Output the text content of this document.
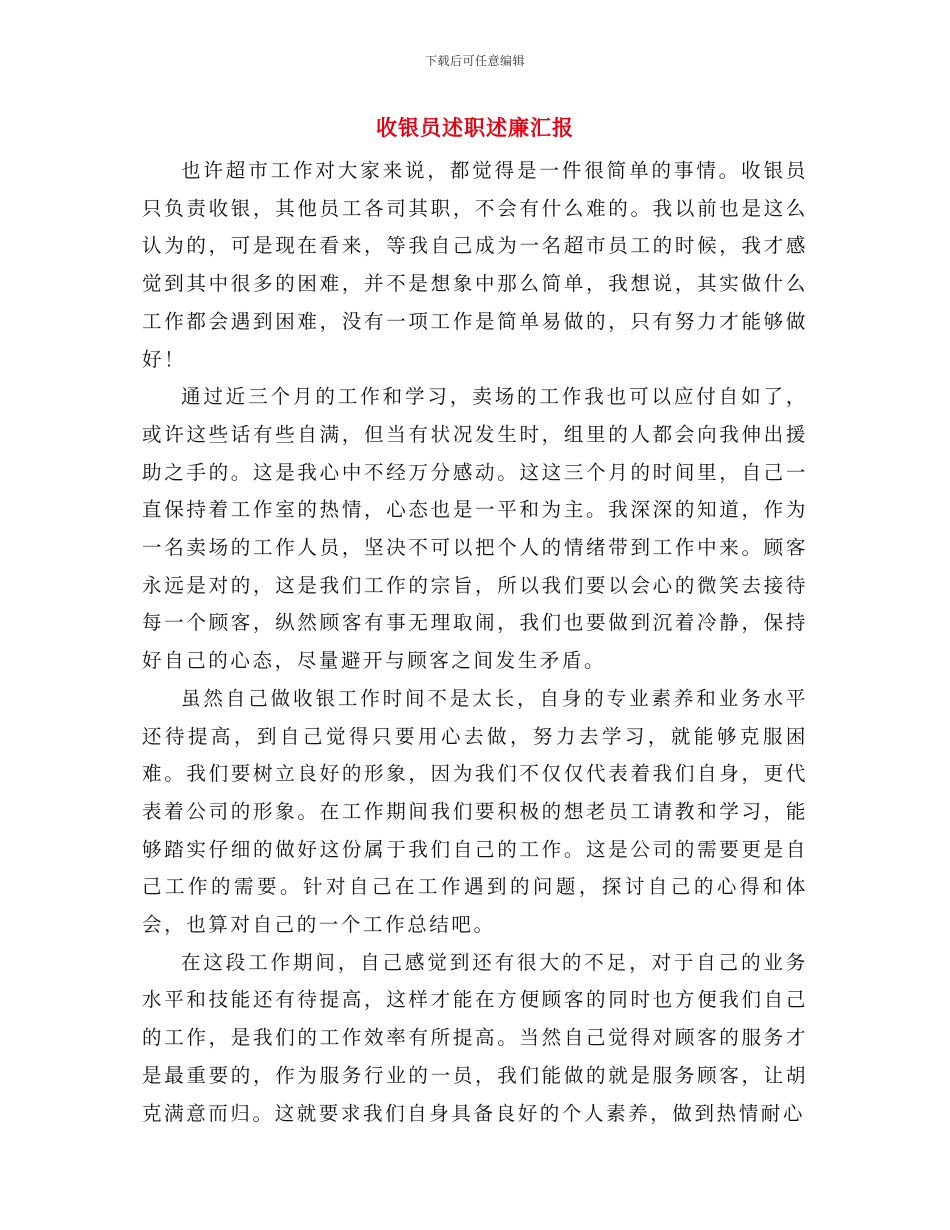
下载后可任意编辑
收银员述职述廉汇报

也许超市工作对大家来说，都觉得是一件很简单的事情。收银员只负责收银，其他员工各司其职，不会有什么难的。我以前也是这么认为的，可是现在看来，等我自己成为一名超市员工的时候，我才感觉到其中很多的困难，并不是想象中那么简单，我想说，其实做什么工作都会遇到困难，没有一项工作是简单易做的，只有努力才能够做好！

通过近三个月的工作和学习，卖场的工作我也可以应付自如了，或许这些话有些自满，但当有状况发生时，组里的人都会向我伸出援助之手的。这是我心中不经万分感动。这这三个月的时间里，自己一直保持着工作室的热情，心态也是一平和为主。我深深的知道，作为一名卖场的工作人员，坚决不可以把个人的情绪带到工作中来。顾客永远是对的，这是我们工作的宗旨，所以我们要以会心的微笑去接待每一个顾客，纵然顾客有事无理取闹，我们也要做到沉着冷静，保持好自己的心态，尽量避开与顾客之间发生矛盾。

虽然自己做收银工作时间不是太长，自身的专业素养和业务水平还待提高，到自己觉得只要用心去做，努力去学习，就能够克服困难。我们要树立良好的形象，因为我们不仅仅代表着我们自身，更代表着公司的形象。在工作期间我们要积极的想老员工请教和学习，能够踏实仔细的做好这份属于我们自己的工作。这是公司的需要更是自己工作的需要。针对自己在工作遇到的问题，探讨自己的心得和体会，也算对自己的一个工作总结吧。

在这段工作期间，自己感觉到还有很大的不足，对于自己的业务水平和技能还有待提高，这样才能在方便顾客的同时也方便我们自己的工作，是我们的工作效率有所提高。当然自己觉得对顾客的服务才是最重要的，作为服务行业的一员，我们能做的就是服务顾客，让胡克满意而归。这就要求我们自身具备良好的个人素养，做到热情耐心
